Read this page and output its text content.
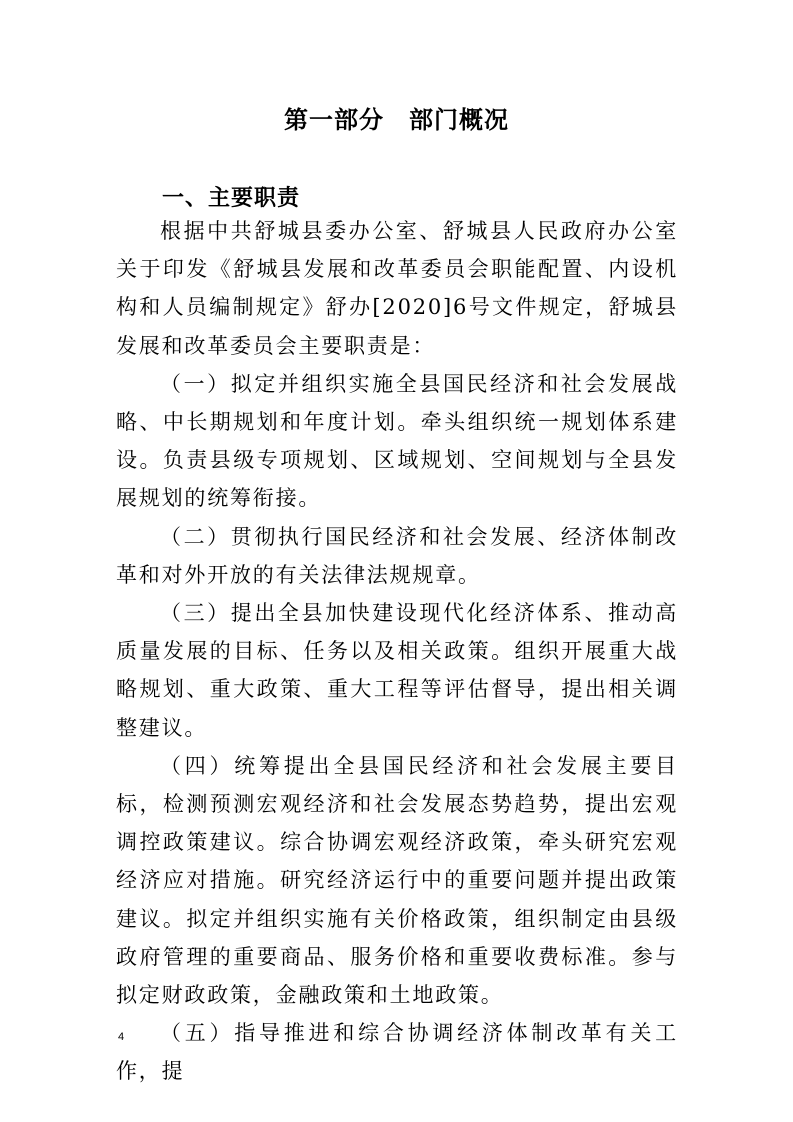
第一部分　部门概况
一、主要职责

根据中共舒城县委办公室、舒城县人民政府办公室关于印发《舒城县发展和改革委员会职能配置、内设机构和人员编制规定》舒办[2020]6号文件规定，舒城县发展和改革委员会主要职责是：

（一）拟定并组织实施全县国民经济和社会发展战略、中长期规划和年度计划。牵头组织统一规划体系建设。负责县级专项规划、区域规划、空间规划与全县发展规划的统筹衔接。

（二）贯彻执行国民经济和社会发展、经济体制改革和对外开放的有关法律法规规章。

（三）提出全县加快建设现代化经济体系、推动高质量发展的目标、任务以及相关政策。组织开展重大战略规划、重大政策、重大工程等评估督导，提出相关调整建议。

（四）统筹提出全县国民经济和社会发展主要目标，检测预测宏观经济和社会发展态势趋势，提出宏观调控政策建议。综合协调宏观经济政策，牵头研究宏观经济应对措施。研究经济运行中的重要问题并提出政策建议。拟定并组织实施有关价格政策，组织制定由县级政府管理的重要商品、服务价格和重要收费标准。参与拟定财政政策，金融政策和土地政策。

（五）指导推进和综合协调经济体制改革有关工作，提

4
